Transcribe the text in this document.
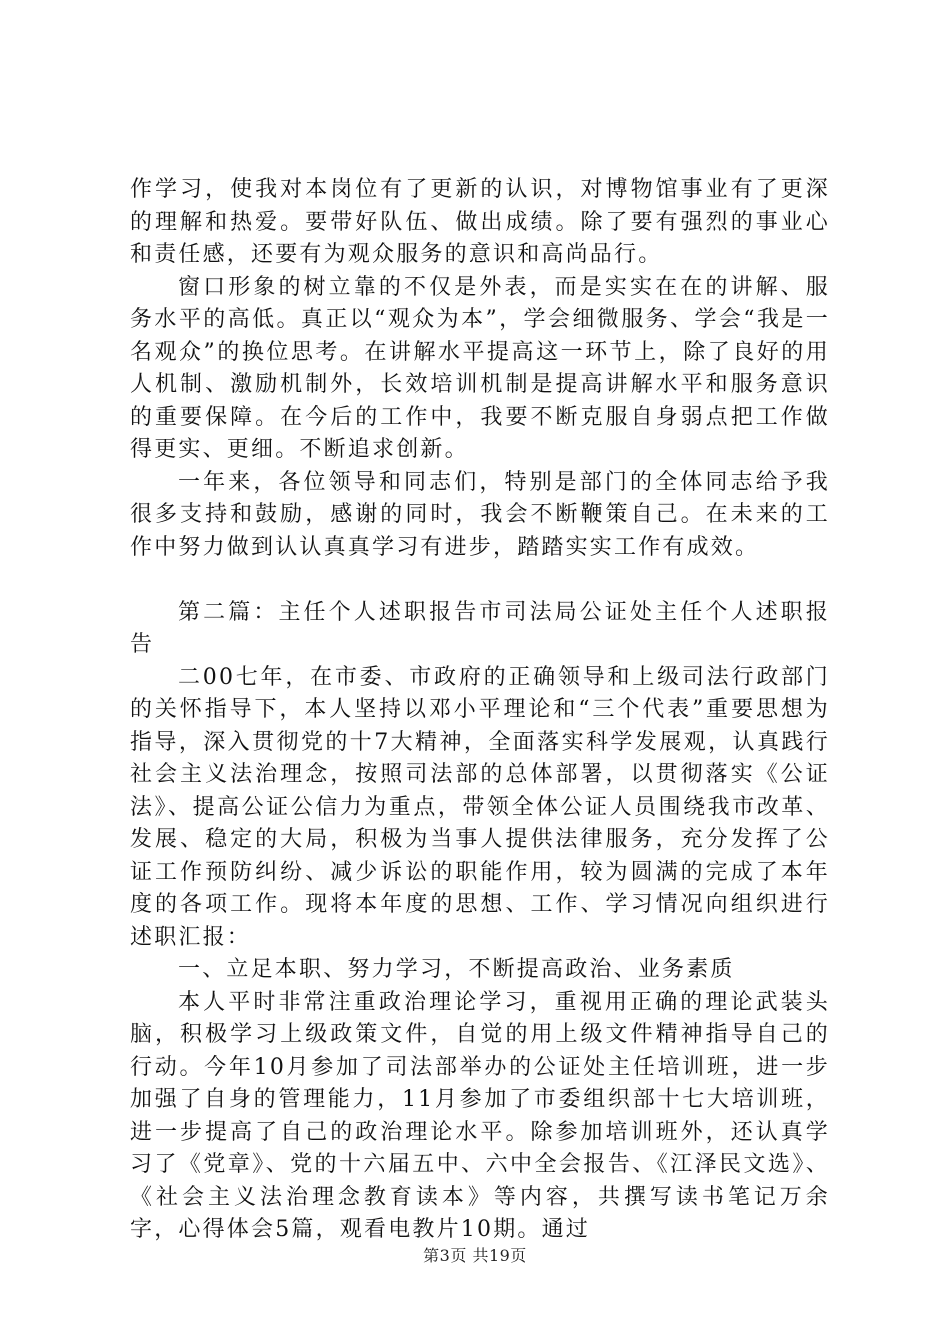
作学习，使我对本岗位有了更新的认识，对博物馆事业有了更深的理解和热爱。要带好队伍、做出成绩。除了要有强烈的事业心和责任感，还要有为观众服务的意识和高尚品行。

窗口形象的树立靠的不仅是外表，而是实实在在的讲解、服务水平的高低。真正以“观众为本”，学会细微服务、学会“我是一名观众”的换位思考。在讲解水平提高这一环节上，除了良好的用人机制、激励机制外，长效培训机制是提高讲解水平和服务意识的重要保障。在今后的工作中，我要不断克服自身弱点把工作做得更实、更细。不断追求创新。

一年来，各位领导和同志们，特别是部门的全体同志给予我很多支持和鼓励，感谢的同时，我会不断鞭策自己。在未来的工作中努力做到认认真真学习有进步，踏踏实实工作有成效。

第二篇：主任个人述职报告市司法局公证处主任个人述职报告

二00七年，在市委、市政府的正确领导和上级司法行政部门的关怀指导下，本人坚持以邓小平理论和“三个代表”重要思想为指导，深入贯彻党的十7大精神，全面落实科学发展观，认真践行社会主义法治理念，按照司法部的总体部署，以贯彻落实《公证法》、提高公证公信力为重点，带领全体公证人员围绕我市改革、发展、稳定的大局，积极为当事人提供法律服务，充分发挥了公证工作预防纠纷、减少诉讼的职能作用，较为圆满的完成了本年度的各项工作。现将本年度的思想、工作、学习情况向组织进行述职汇报：

一、立足本职、努力学习，不断提高政治、业务素质

本人平时非常注重政治理论学习，重视用正确的理论武装头脑，积极学习上级政策文件，自觉的用上级文件精神指导自己的行动。今年10月参加了司法部举办的公证处主任培训班，进一步加强了自身的管理能力，11月参加了市委组织部十七大培训班，进一步提高了自己的政治理论水平。除参加培训班外，还认真学习了《党章》、党的十六届五中、六中全会报告、《江泽民文选》、《社会主义法治理念教育读本》等内容，共撰写读书笔记万余字，心得体会5篇，观看电教片10期。通过

第3页 共19页
